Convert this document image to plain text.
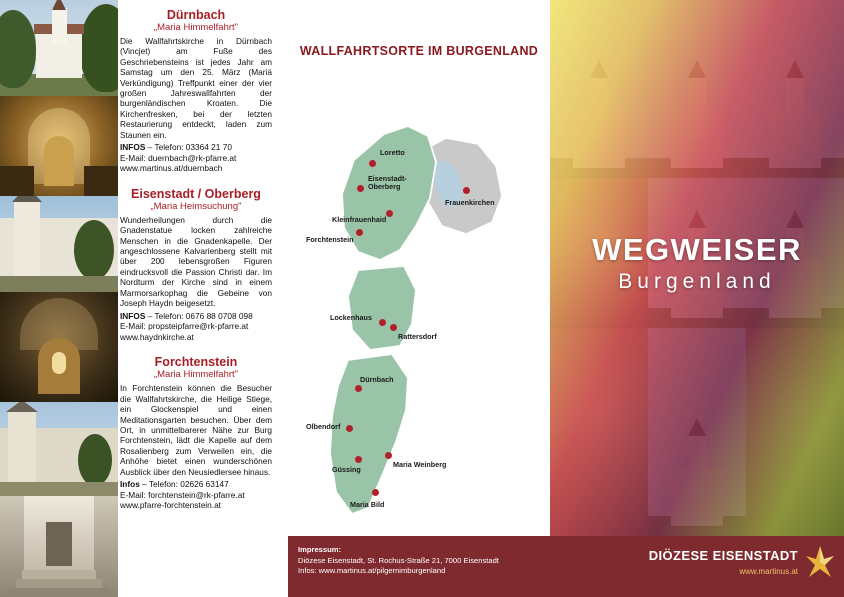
Dürnbach
„Maria Himmelfahrt"
Die Wallfahrtskirche in Dürnbach (Vincjet) am Fuße des Geschriebensteins ist jedes Jahr am Samstag um den 25. März (Mariä Verkündigung) Treffpunkt einer der vier großen Jahreswallfahrten der burgenländischen Kroaten. Die Kirchenfresken, bei der letzten Restaurierung entdeckt, laden zum Staunen ein.
INFOS – Telefon: 03364 21 70
E-Mail: duernbach@rk-pfarre.at
www.martinus.at/duernbach
Eisenstadt / Oberberg
„Maria Heimsuchung"
Wunderheilungen durch die Gnadenstatue locken zahlreiche Menschen in die Gnadenkapelle. Der angeschlossene Kalvarienberg stellt mit über 200 lebensgroßen Figuren eindrucksvoll die Passion Christi dar. Im Nordturm der Kirche sind in einem Marmorsarkophag die Gebeine von Joseph Haydn beigesetzt.
INFOS – Telefon: 0676 88 0708 098
E-Mail: propsteipfarre@rk-pfarre.at
www.haydnkirche.at
Forchtenstein
„Maria Himmelfahrt"
In Forchtenstein können die Besucher die Wallfahrtskirche, die Heilige Stiege, ein Glockenspiel und einen Meditationsgarten besuchen. Über dem Ort, in unmittelbarerer Nähe zur Burg Forchtenstein, lädt die Kapelle auf dem Rosalienberg zum Verweilen ein, die Anhöhe bietet einen wunderschönen Ausblick über den Neusiedlersee hinaus.
Infos – Telefon: 02626 63147
E-Mail: forchtenstein@rk-pfarre.at
www.pfarre-forchtenstein.at
WALLFAHRTSORTE IM BURGENLAND
Loretto
Eisenstadt-
Oberberg
Frauenkirchen
Kleinfrauenhaid
Forchtenstein
Lockenhaus
Rattersdorf
Dürnbach
Olbendorf
Güssing
Maria Weinberg
Maria Bild
Impressum:
Diözese Eisenstadt, St. Rochus-Straße 21, 7000 Eisenstadt
Infos: www.martinus.at/pilgernimburgenland
WEGWEISER
Burgenland
DIÖZESE EISENSTADT
www.martinus.at
